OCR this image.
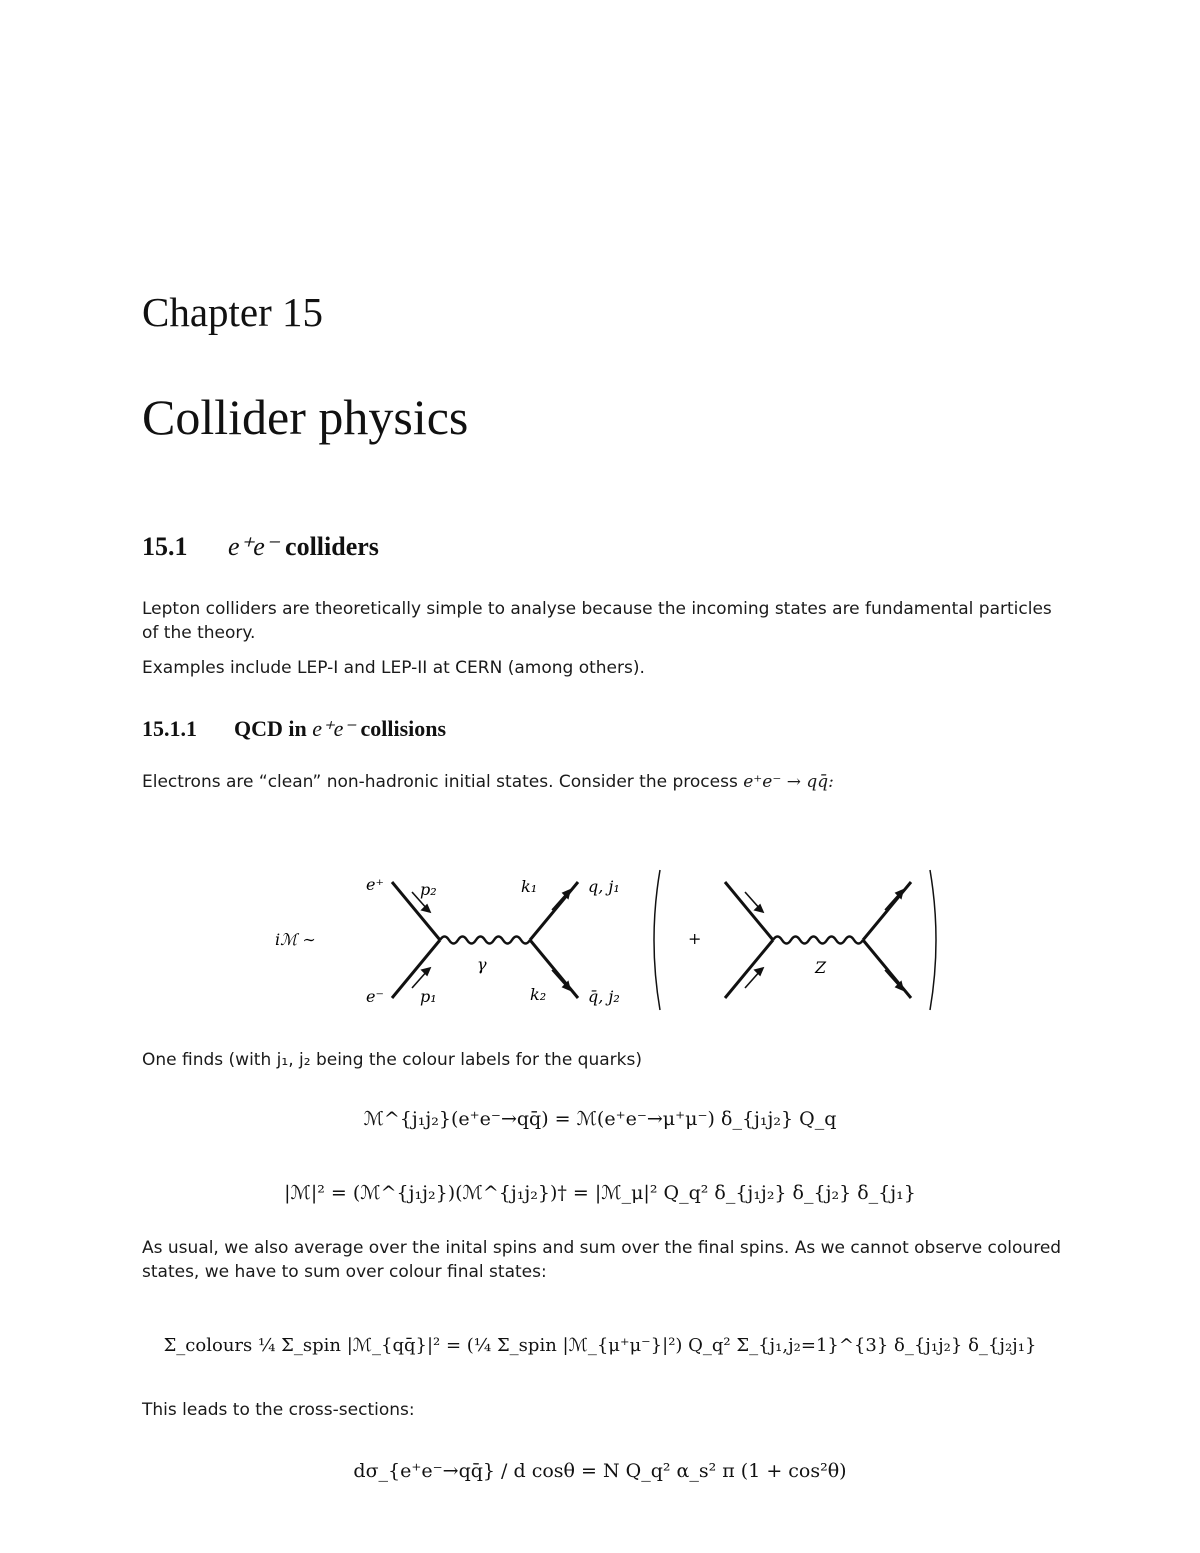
Chapter 15
Collider physics
15.1 e⁺e⁻ colliders
Lepton colliders are theoretically simple to analyse because the incoming states are fundamental particles of the theory.
Examples include LEP-I and LEP-II at CERN (among others).
15.1.1 QCD in e⁺e⁻ collisions
Electrons are “clean” non-hadronic initial states. Consider the process e⁺e⁻ → qq̄:
iℳ ∼
e⁺ p₂
e⁻ p₁
k₁	q, j₁
k₂	q̄, j₂
γ
+
Z
One finds (with j₁, j₂ being the colour labels for the quarks)
ℳ^{j₁j₂}(e⁺e⁻→qq̄) = ℳ(e⁺e⁻→μ⁺μ⁻) δ_{j₁j₂} Q_q
|ℳ|² = (ℳ^{j₁j₂})(ℳ^{j₁j₂})† = |ℳ_μ|² Q_q² δ_{j₁j₂} δ_{j₂} δ_{j₁}
As usual, we also average over the inital spins and sum over the final spins. As we cannot observe coloured states, we have to sum over colour final states:
Σ_colours ¼ Σ_spin |ℳ_{qq̄}|² = (¼ Σ_spin |ℳ_{μ⁺μ⁻}|²) Q_q² Σ_{j₁,j₂=1}^{3} δ_{j₁j₂} δ_{j₂j₁}
This leads to the cross-sections:
dσ_{e⁺e⁻→qq̄} / d cosθ = N Q_q² α_s² π (1 + cos²θ)
